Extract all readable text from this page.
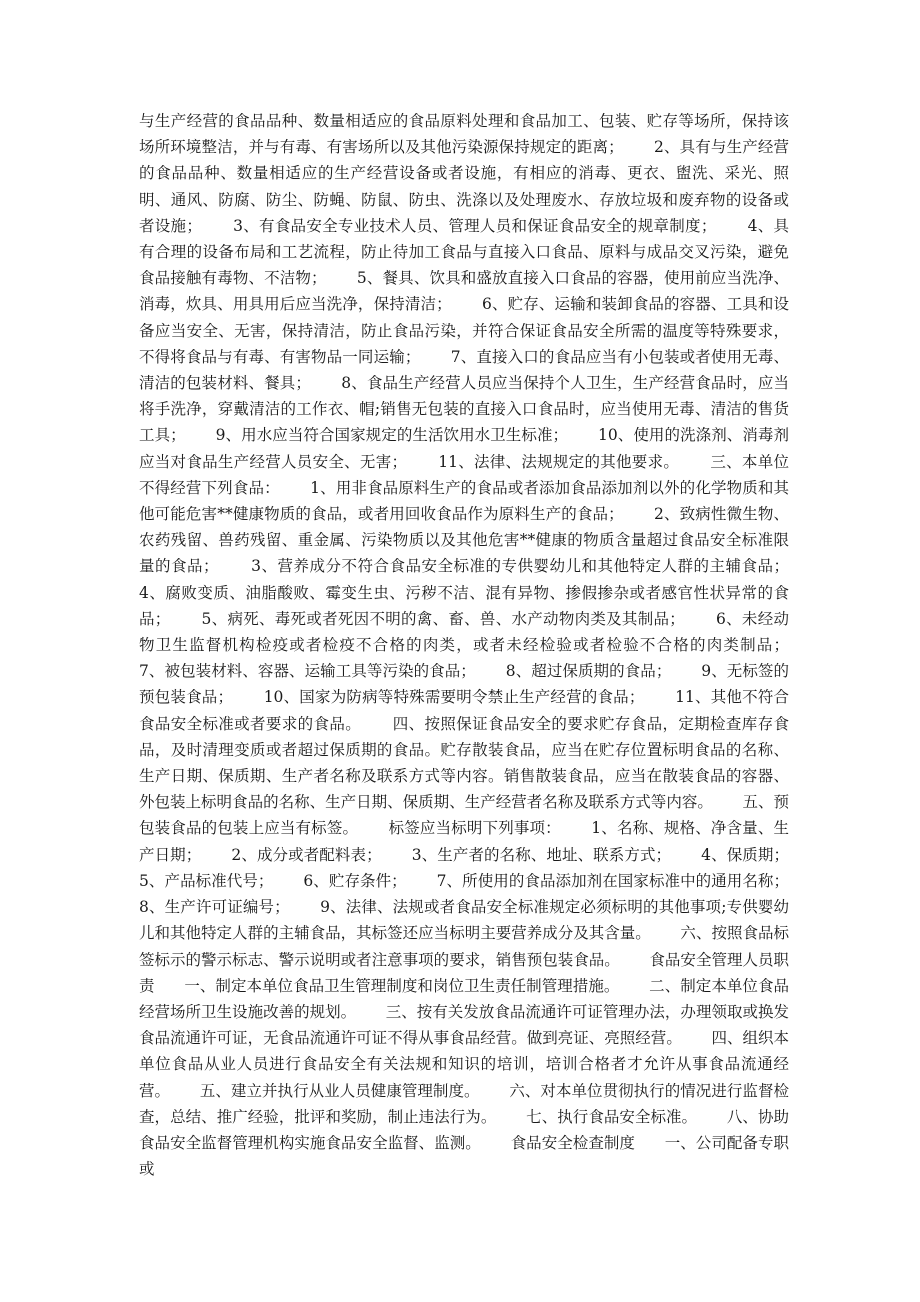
与生产经营的食品品种、数量相适应的食品原料处理和食品加工、包装、贮存等场所，保持该场所环境整洁，并与有毒、有害场所以及其他污染源保持规定的距离；      2、具有与生产经营的食品品种、数量相适应的生产经营设备或者设施，有相应的消毒、更衣、盥洗、采光、照明、通风、防腐、防尘、防蝇、防鼠、防虫、洗涤以及处理废水、存放垃圾和废弃物的设备或者设施；      3、有食品安全专业技术人员、管理人员和保证食品安全的规章制度；      4、具有合理的设备布局和工艺流程，防止待加工食品与直接入口食品、原料与成品交叉污染，避免食品接触有毒物、不洁物；      5、餐具、饮具和盛放直接入口食品的容器，使用前应当洗净、消毒，炊具、用具用后应当洗净，保持清洁；      6、贮存、运输和装卸食品的容器、工具和设备应当安全、无害，保持清洁，防止食品污染，并符合保证食品安全所需的温度等特殊要求，不得将食品与有毒、有害物品一同运输；      7、直接入口的食品应当有小包装或者使用无毒、清洁的包装材料、餐具；      8、食品生产经营人员应当保持个人卫生，生产经营食品时，应当将手洗净，穿戴清洁的工作衣、帽;销售无包装的直接入口食品时，应当使用无毒、清洁的售货工具；      9、用水应当符合国家规定的生活饮用水卫生标准；      10、使用的洗涤剂、消毒剂应当对食品生产经营人员安全、无害；      11、法律、法规规定的其他要求。      三、本单位不得经营下列食品：      1、用非食品原料生产的食品或者添加食品添加剂以外的化学物质和其他可能危害**健康物质的食品，或者用回收食品作为原料生产的食品；      2、致病性微生物、农药残留、兽药残留、重金属、污染物质以及其他危害**健康的物质含量超过食品安全标准限量的食品；      3、营养成分不符合食品安全标准的专供婴幼儿和其他特定人群的主辅食品；      4、腐败变质、油脂酸败、霉变生虫、污秽不洁、混有异物、掺假掺杂或者感官性状异常的食品；      5、病死、毒死或者死因不明的禽、畜、兽、水产动物肉类及其制品；      6、未经动物卫生监督机构检疫或者检疫不合格的肉类，或者未经检验或者检验不合格的肉类制品；      7、被包装材料、容器、运输工具等污染的食品；      8、超过保质期的食品；      9、无标签的预包装食品；      10、国家为防病等特殊需要明令禁止生产经营的食品；      11、其他不符合食品安全标准或者要求的食品。      四、按照保证食品安全的要求贮存食品，定期检查库存食品，及时清理变质或者超过保质期的食品。贮存散装食品，应当在贮存位置标明食品的名称、生产日期、保质期、生产者名称及联系方式等内容。销售散装食品，应当在散装食品的容器、外包装上标明食品的名称、生产日期、保质期、生产经营者名称及联系方式等内容。      五、预包装食品的包装上应当有标签。      标签应当标明下列事项：      1、名称、规格、净含量、生产日期；      2、成分或者配料表；      3、生产者的名称、地址、联系方式；      4、保质期；      5、产品标准代号；      6、贮存条件；      7、所使用的食品添加剂在国家标准中的通用名称；      8、生产许可证编号；      9、法律、法规或者食品安全标准规定必须标明的其他事项;专供婴幼儿和其他特定人群的主辅食品，其标签还应当标明主要营养成分及其含量。      六、按照食品标签标示的警示标志、警示说明或者注意事项的要求，销售预包装食品。      食品安全管理人员职责      一、制定本单位食品卫生管理制度和岗位卫生责任制管理措施。      二、制定本单位食品经营场所卫生设施改善的规划。      三、按有关发放食品流通许可证管理办法，办理领取或换发食品流通许可证，无食品流通许可证不得从事食品经营。做到亮证、亮照经营。      四、组织本单位食品从业人员进行食品安全有关法规和知识的培训，培训合格者才允许从事食品流通经营。      五、建立并执行从业人员健康管理制度。      六、对本单位贯彻执行的情况进行监督检查，总结、推广经验，批评和奖励，制止违法行为。      七、执行食品安全标准。      八、协助食品安全监督管理机构实施食品安全监督、监测。      食品安全检查制度      一、公司配备专职或
